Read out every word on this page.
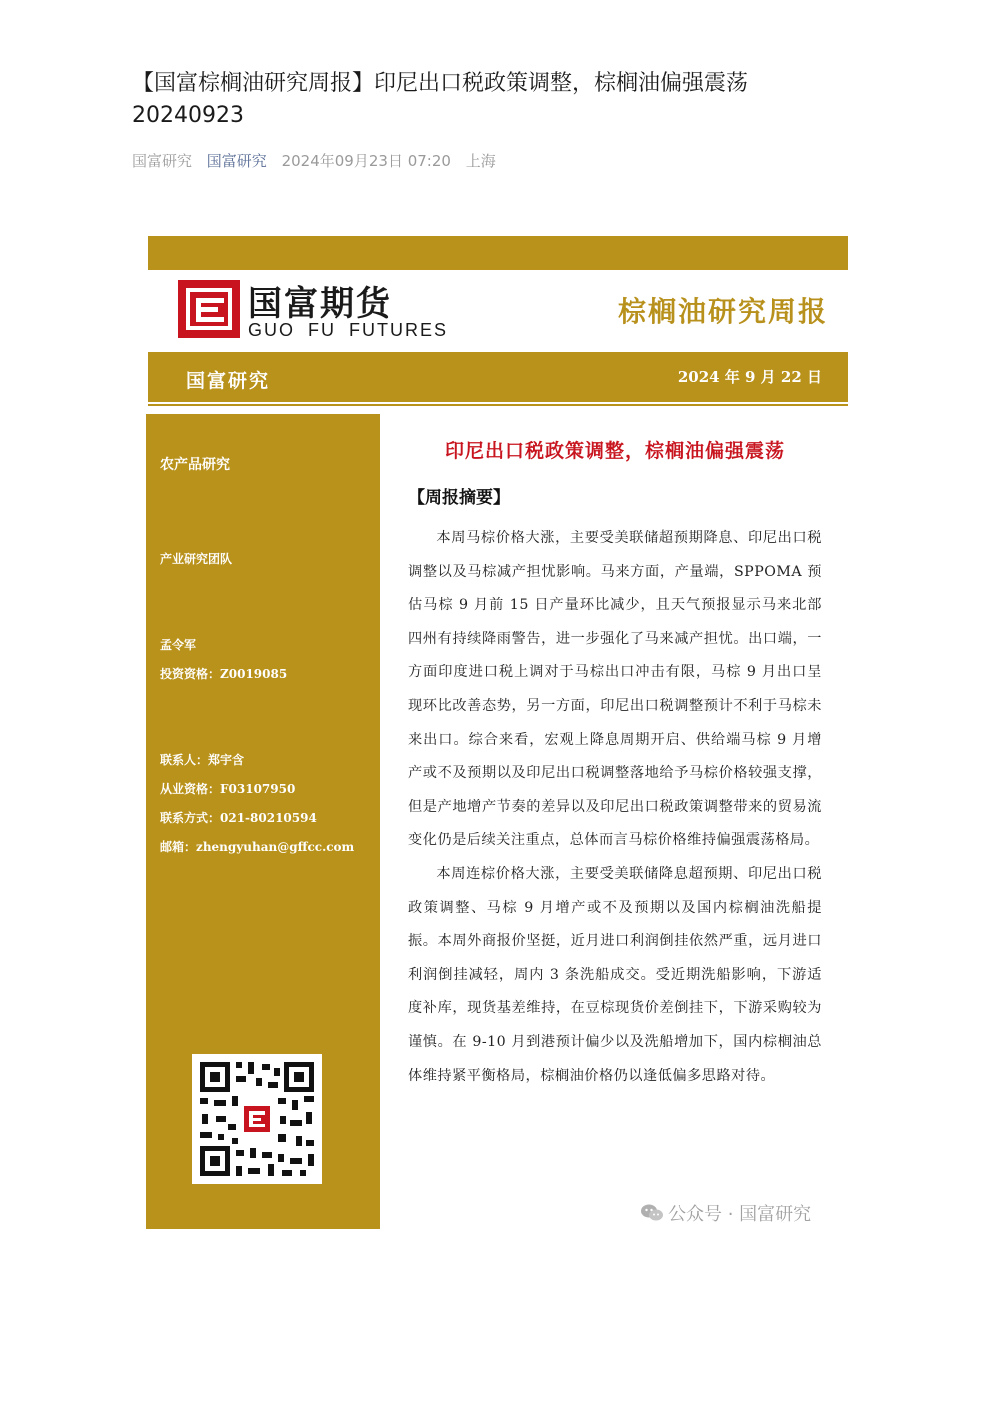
【国富棕榈油研究周报】印尼出口税政策调整，棕榈油偏强震荡20240923
国富研究 国富研究 2024年09月23日 07:20 上海
国富期货
GUO FU FUTURES
棕榈油研究周报
国富研究	2024 年 9 月 22 日
农产品研究
产业研究团队
孟令军
投资资格：Z0019085
联系人：郑宇含
从业资格：F03107950
联系方式：021-80210594
邮箱：zhengyuhan@gffcc.com
印尼出口税政策调整，棕榈油偏强震荡
【周报摘要】

本周马棕价格大涨，主要受美联储超预期降息、印尼出口税调整以及马棕减产担忧影响。马来方面，产量端，SPPOMA 预估马棕 9 月前 15 日产量环比减少，且天气预报显示马来北部四州有持续降雨警告，进一步强化了马来减产担忧。出口端，一方面印度进口税上调对于马棕出口冲击有限，马棕 9 月出口呈现环比改善态势，另一方面，印尼出口税调整预计不利于马棕未来出口。综合来看，宏观上降息周期开启、供给端马棕 9 月增产或不及预期以及印尼出口税调整落地给予马棕价格较强支撑，但是产地增产节奏的差异以及印尼出口税政策调整带来的贸易流变化仍是后续关注重点，总体而言马棕价格维持偏强震荡格局。

本周连棕价格大涨，主要受美联储降息超预期、印尼出口税政策调整、马棕 9 月增产或不及预期以及国内棕榈油洗船提振。本周外商报价坚挺，近月进口利润倒挂依然严重，远月进口利润倒挂减轻，周内 3 条洗船成交。受近期洗船影响，下游适度补库，现货基差维持，在豆棕现货价差倒挂下，下游采购较为谨慎。在 9-10 月到港预计偏少以及洗船增加下，国内棕榈油总体维持紧平衡格局，棕榈油价格仍以逢低偏多思路对待。

公众号 · 国富研究
